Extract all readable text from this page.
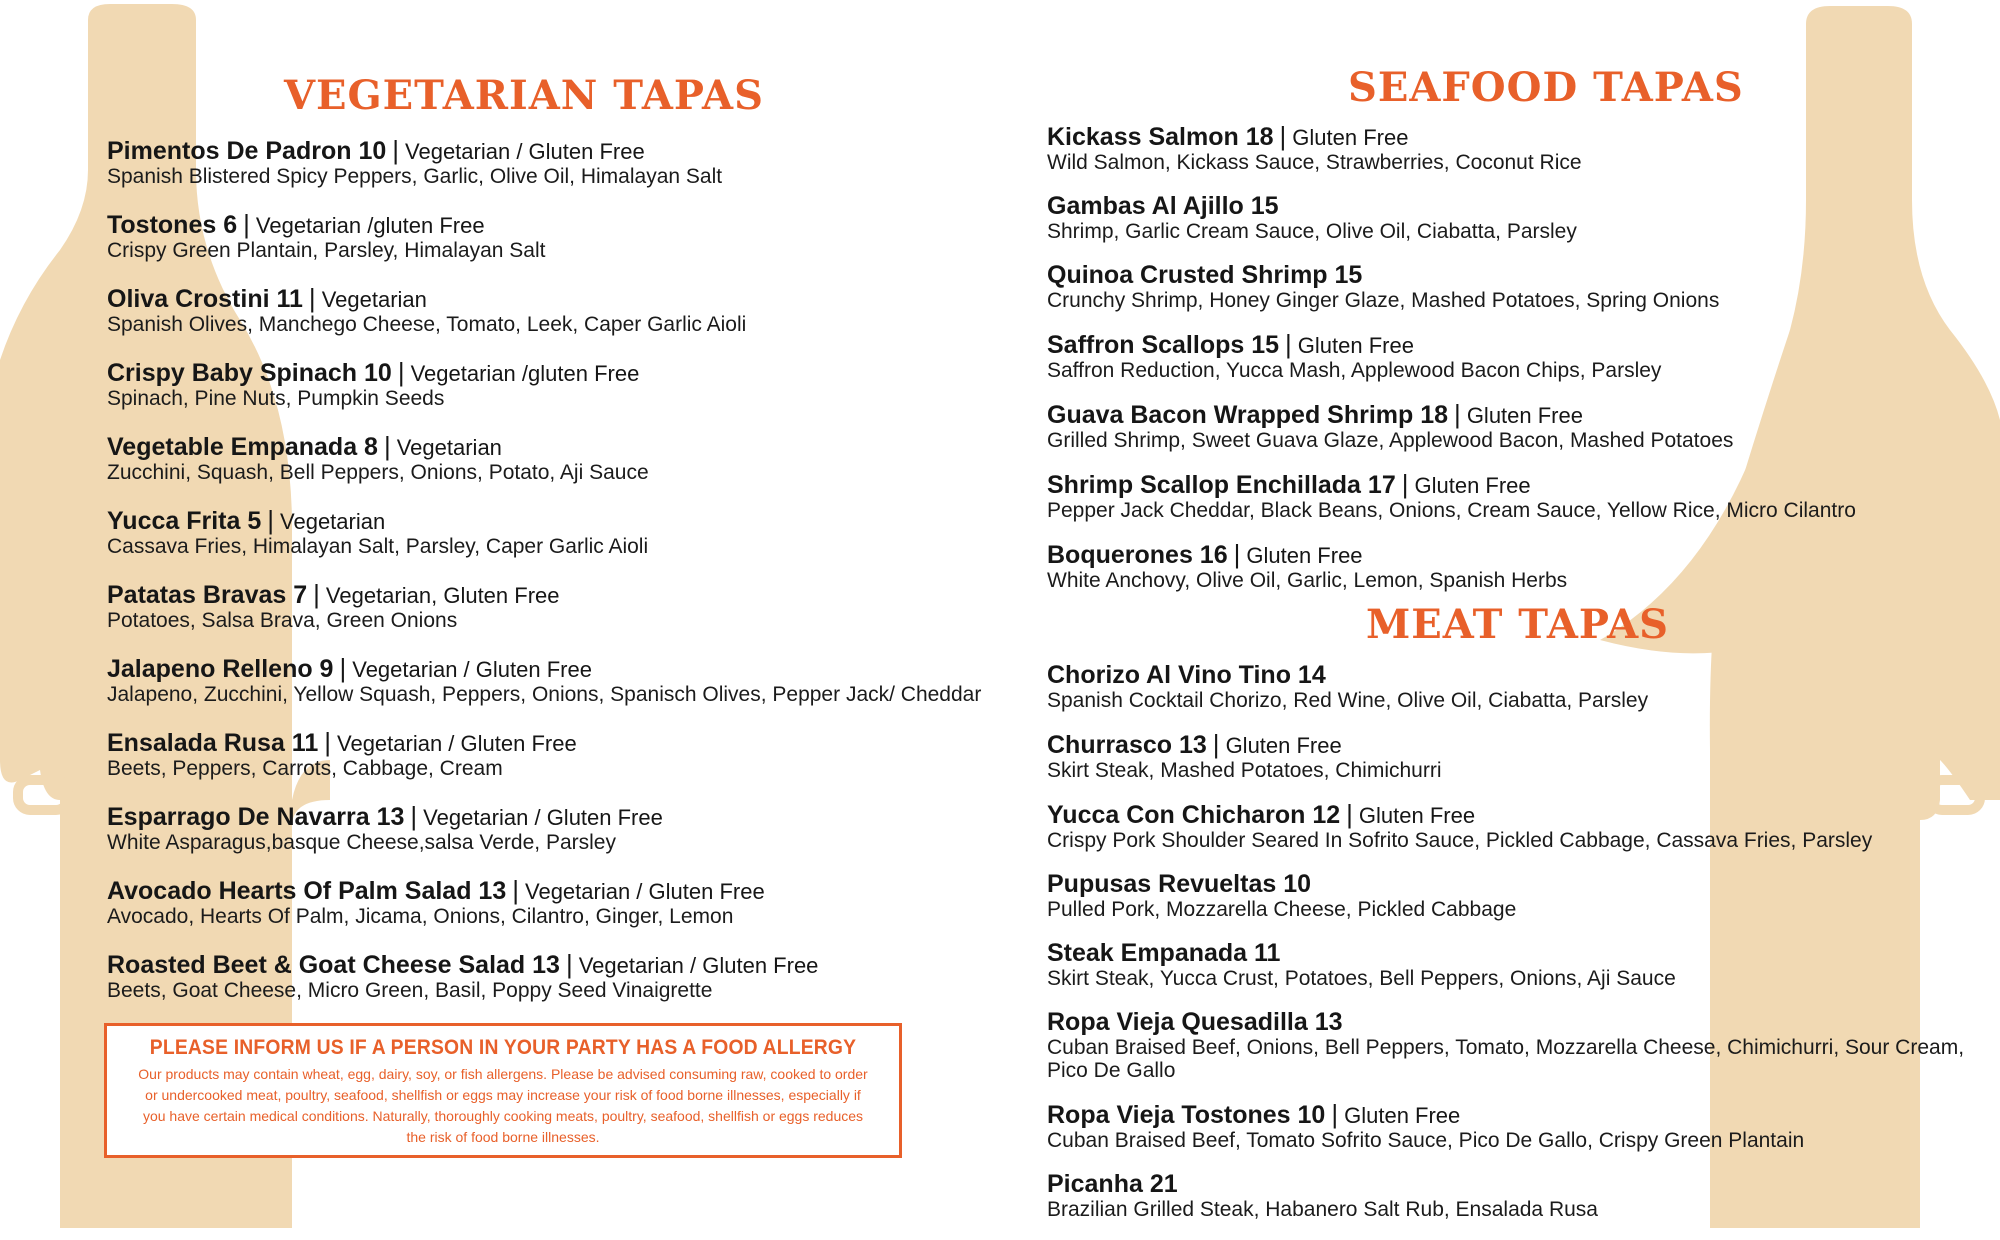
VEGETARIAN TAPAS
Pimentos De Padron 10 | Vegetarian / Gluten Free
Spanish Blistered Spicy Peppers, Garlic, Olive Oil, Himalayan Salt
Tostones 6 | Vegetarian /gluten Free
Crispy Green Plantain, Parsley, Himalayan Salt
Oliva Crostini 11 | Vegetarian
Spanish Olives, Manchego Cheese, Tomato, Leek, Caper Garlic Aioli
Crispy Baby Spinach 10 | Vegetarian /gluten Free
Spinach, Pine Nuts, Pumpkin Seeds
Vegetable Empanada 8 | Vegetarian
Zucchini, Squash, Bell Peppers, Onions, Potato, Aji Sauce
Yucca Frita 5 | Vegetarian
Cassava Fries, Himalayan Salt, Parsley, Caper Garlic Aioli
Patatas Bravas 7 | Vegetarian, Gluten Free
Potatoes, Salsa Brava, Green Onions
Jalapeno Relleno 9 | Vegetarian / Gluten Free
Jalapeno, Zucchini, Yellow Squash, Peppers, Onions, Spanisch Olives, Pepper Jack/ Cheddar
Ensalada Rusa 11 | Vegetarian / Gluten Free
Beets, Peppers, Carrots, Cabbage, Cream
Esparrago De Navarra 13 | Vegetarian / Gluten Free
White Asparagus,basque Cheese,salsa Verde, Parsley
Avocado Hearts Of Palm Salad 13 | Vegetarian / Gluten Free
Avocado, Hearts Of Palm, Jicama, Onions, Cilantro, Ginger, Lemon
Roasted Beet & Goat Cheese Salad 13 | Vegetarian / Gluten Free
Beets, Goat Cheese, Micro Green, Basil, Poppy Seed Vinaigrette
SEAFOOD TAPAS
Kickass Salmon 18 | Gluten Free
Wild Salmon, Kickass Sauce, Strawberries, Coconut Rice
Gambas Al Ajillo 15
Shrimp, Garlic Cream Sauce, Olive Oil, Ciabatta, Parsley
Quinoa Crusted Shrimp 15
Crunchy Shrimp, Honey Ginger Glaze, Mashed Potatoes, Spring Onions
Saffron Scallops 15 | Gluten Free
Saffron Reduction, Yucca Mash, Applewood Bacon Chips, Parsley
Guava Bacon Wrapped Shrimp 18 | Gluten Free
Grilled Shrimp, Sweet Guava Glaze, Applewood Bacon, Mashed Potatoes
Shrimp Scallop Enchillada 17 | Gluten Free
Pepper Jack Cheddar, Black Beans, Onions, Cream Sauce, Yellow Rice, Micro Cilantro
Boquerones 16 | Gluten Free
White Anchovy, Olive Oil, Garlic, Lemon, Spanish Herbs
MEAT TAPAS
Chorizo Al Vino Tino 14
Spanish Cocktail Chorizo, Red Wine, Olive Oil, Ciabatta, Parsley
Churrasco 13 | Gluten Free
Skirt Steak, Mashed Potatoes, Chimichurri
Yucca Con Chicharon 12 | Gluten Free
Crispy Pork Shoulder Seared In Sofrito Sauce, Pickled Cabbage, Cassava Fries, Parsley
Pupusas Revueltas 10
Pulled Pork, Mozzarella Cheese, Pickled Cabbage
Steak Empanada 11
Skirt Steak, Yucca Crust, Potatoes, Bell Peppers, Onions, Aji Sauce
Ropa Vieja Quesadilla 13
Cuban Braised Beef, Onions, Bell Peppers, Tomato, Mozzarella Cheese, Chimichurri, Sour Cream, Pico De Gallo
Ropa Vieja Tostones 10 | Gluten Free
Cuban Braised Beef, Tomato Sofrito Sauce, Pico De Gallo, Crispy Green Plantain
Picanha 21
Brazilian Grilled Steak, Habanero Salt Rub, Ensalada Rusa
PLEASE INFORM US IF A PERSON IN YOUR PARTY HAS A FOOD ALLERGY
Our products may contain wheat, egg, dairy, soy, or fish allergens. Please be advised consuming raw, cooked to order or undercooked meat, poultry, seafood, shellfish or eggs may increase your risk of food borne illnesses, especially if you have certain medical conditions. Naturally, thoroughly cooking meats, poultry, seafood, shellfish or eggs reduces the risk of food borne illnesses.
